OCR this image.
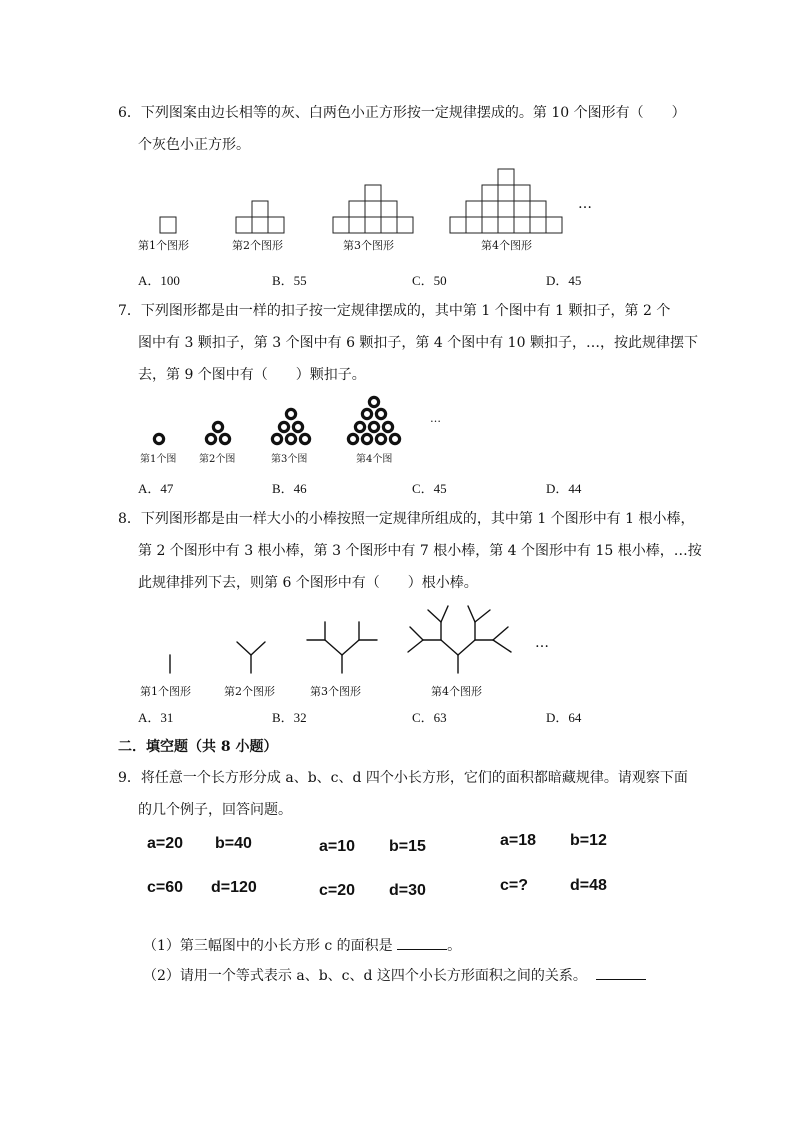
6．下列图案由边长相等的灰、白两色小正方形按一定规律摆成的。第 10 个图形有（　　）
个灰色小正方形。
第1个图形	第2个图形	第3个图形	第4个图形
…
A．100	B．55	C．50	D．45
7．下列图形都是由一样的扣子按一定规律摆成的，其中第 1 个图中有 1 颗扣子，第 2 个
图中有 3 颗扣子，第 3 个图中有 6 颗扣子，第 4 个图中有 10 颗扣子，…，按此规律摆下
去，第 9 个图中有（　　）颗扣子。
第1个图 第2个图	第3个图	第4个图
…
A．47	B．46	C．45	D．44
8．下列图形都是由一样大小的小棒按照一定规律所组成的，其中第 1 个图形中有 1 根小棒，
第 2 个图形中有 3 根小棒，第 3 个图形中有 7 根小棒，第 4 个图形中有 15 根小棒，…按
此规律排列下去，则第 6 个图形中有（　　）根小棒。
第1个图形	第2个图形	第3个图形	第4个图形
…
A．31	B．32	C．63	D．64
二．填空题（共 8 小题）
9．将任意一个长方形分成 a、b、c、d 四个小长方形，它们的面积都暗藏规律。请观察下面
的几个例子，回答问题。
a=20 b=40
c=60 d=120
a=10 b=15
c=20 d=30
a=18 b=12
c=?	d=48
（1）第三幅图中的小长方形 c 的面积是	。
（2）请用一个等式表示 a、b、c、d 这四个小长方形面积之间的关系。
